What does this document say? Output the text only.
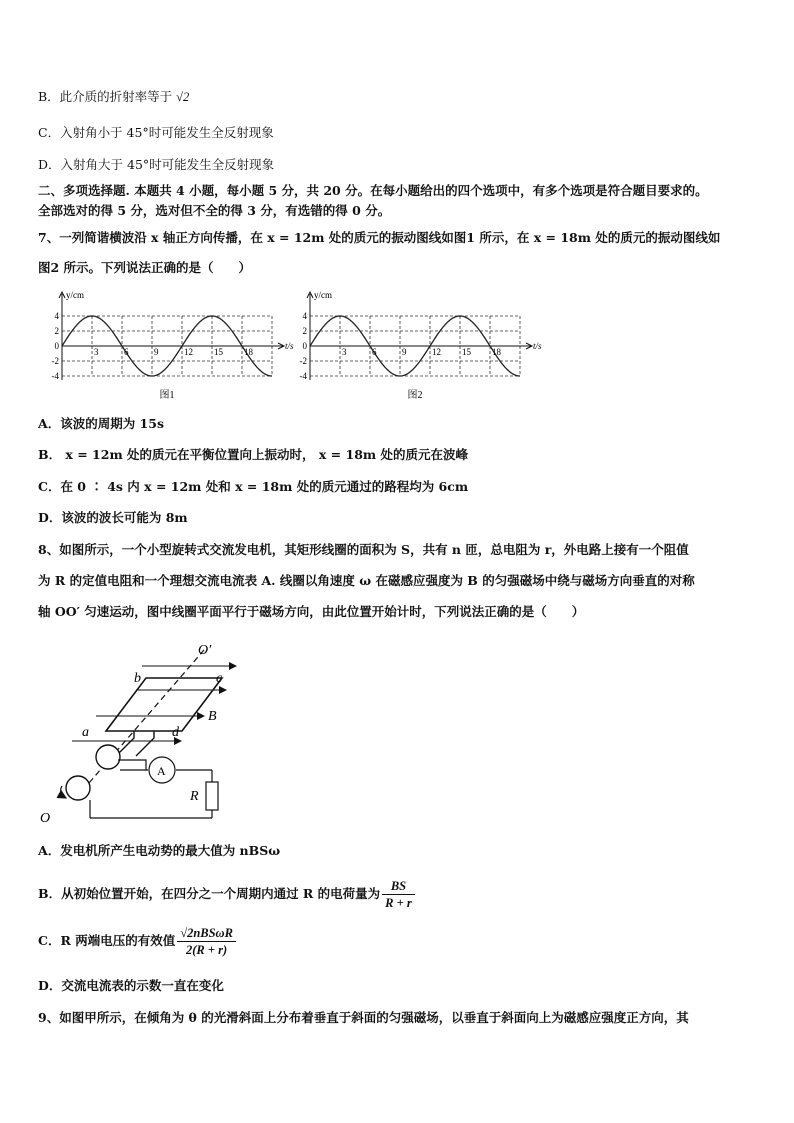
B．此介质的折射率等于 √2
C．入射角小于 45°时可能发生全反射现象
D．入射角大于 45°时可能发生全反射现象
二、多项选择题. 本题共 4 小题，每小题 5 分，共 20 分。在每小题给出的四个选项中，有多个选项是符合题目要求的。
全部选对的得 5 分，选对但不全的得 3 分，有选错的得 0 分。
7、一列简谐横波沿 x 轴正方向传播，在 x = 12m 处的质元的振动图线如图1 所示，在 x = 18m 处的质元的振动图线如
图2 所示。下列说法正确的是（　　）
y/cm
t/s
4
2
0
-2
-4
3	6	9	12 15 18
图1
y/cm
t/s
4
2
0
-2
-4
3	6	9	12 15 18
图2
A．该波的周期为 15s
B． x = 12m 处的质元在平衡位置向上振动时， x = 18m 处的质元在波峰
C．在 0 ∶ 4s 内 x = 12m 处和 x = 18m 处的质元通过的路程均为 6cm
D．该波的波长可能为 8m
8、如图所示，一个小型旋转式交流发电机，其矩形线圈的面积为 S，共有 n 匝，总电阻为 r，外电路上接有一个阻值
为 R 的定值电阻和一个理想交流电流表 A. 线圈以角速度 ω 在磁感应强度为 B 的匀强磁场中绕与磁场方向垂直的对称
轴 OO′ 匀速运动，图中线圈平面平行于磁场方向，由此位置开始计时，下列说法正确的是（　　）
O′
O
a
b	c
d
B
A
R
A．发电机所产生电动势的最大值为 nBSω
B．从初始位置开始，在四分之一个周期内通过 R 的电荷量为 $\frac{BS}{R + r}$
C．R 两端电压的有效值 $\frac{\text{√2nBSωR}}{2(R + r)}$
D．交流电流表的示数一直在变化
9、如图甲所示，在倾角为 θ 的光滑斜面上分布着垂直于斜面的匀强磁场，以垂直于斜面向上为磁感应强度正方向，其
